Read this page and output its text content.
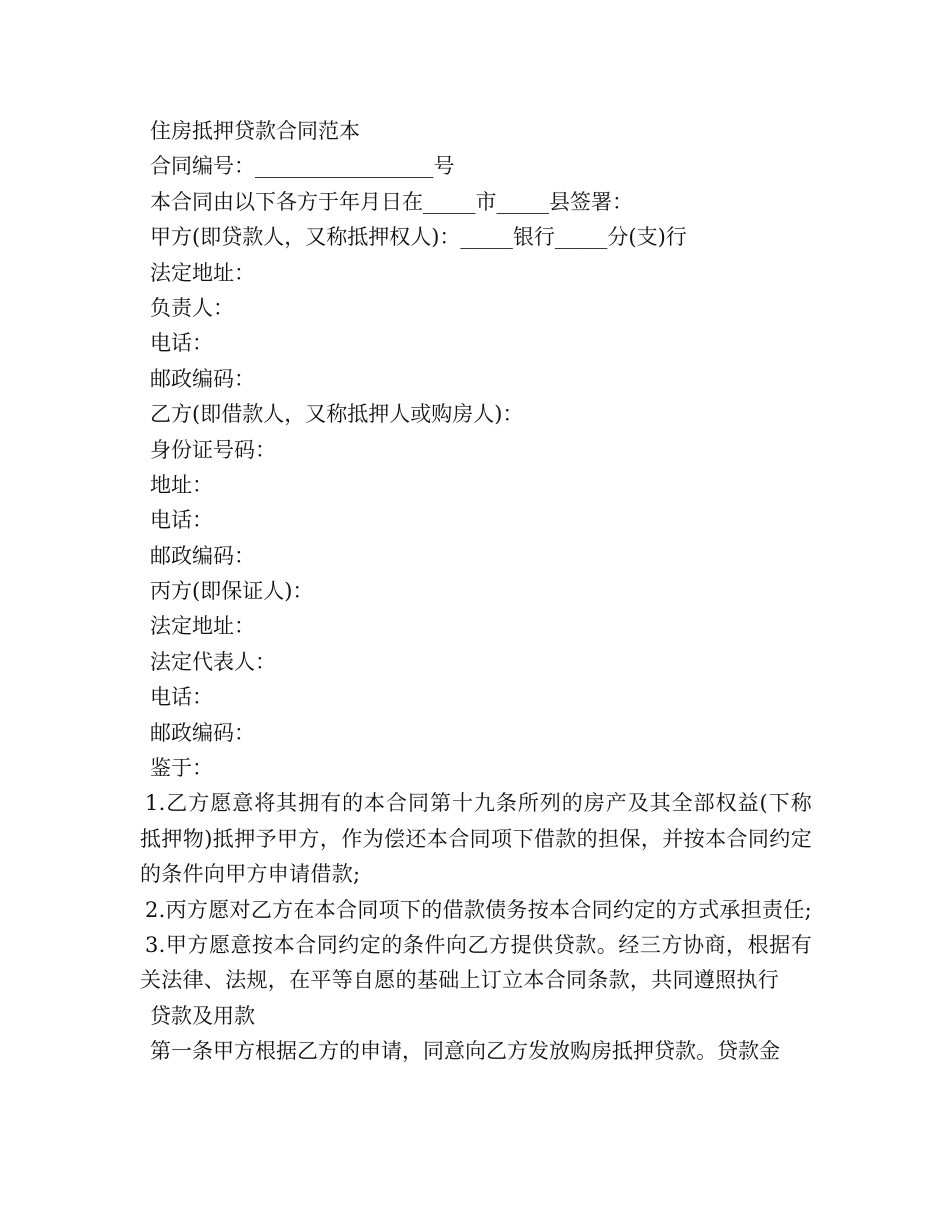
住房抵押贷款合同范本
合同编号：_________________号
本合同由以下各方于年月日在_____市_____县签署：
甲方(即贷款人，又称抵押权人)：_____银行_____分(支)行
法定地址：
负责人：
电话：
邮政编码：
乙方(即借款人，又称抵押人或购房人)：
身份证号码：
地址：
电话：
邮政编码：
丙方(即保证人)：
法定地址：
法定代表人：
电话：
邮政编码：
鉴于：

1.乙方愿意将其拥有的本合同第十九条所列的房产及其全部权益(下称抵押物)抵押予甲方，作为偿还本合同项下借款的担保，并按本合同约定的条件向甲方申请借款;

2.丙方愿对乙方在本合同项下的借款债务按本合同约定的方式承担责任;

3.甲方愿意按本合同约定的条件向乙方提供贷款。经三方协商，根据有关法律、法规，在平等自愿的基础上订立本合同条款，共同遵照执行

贷款及用款
第一条甲方根据乙方的申请，同意向乙方发放购房抵押贷款。贷款金
